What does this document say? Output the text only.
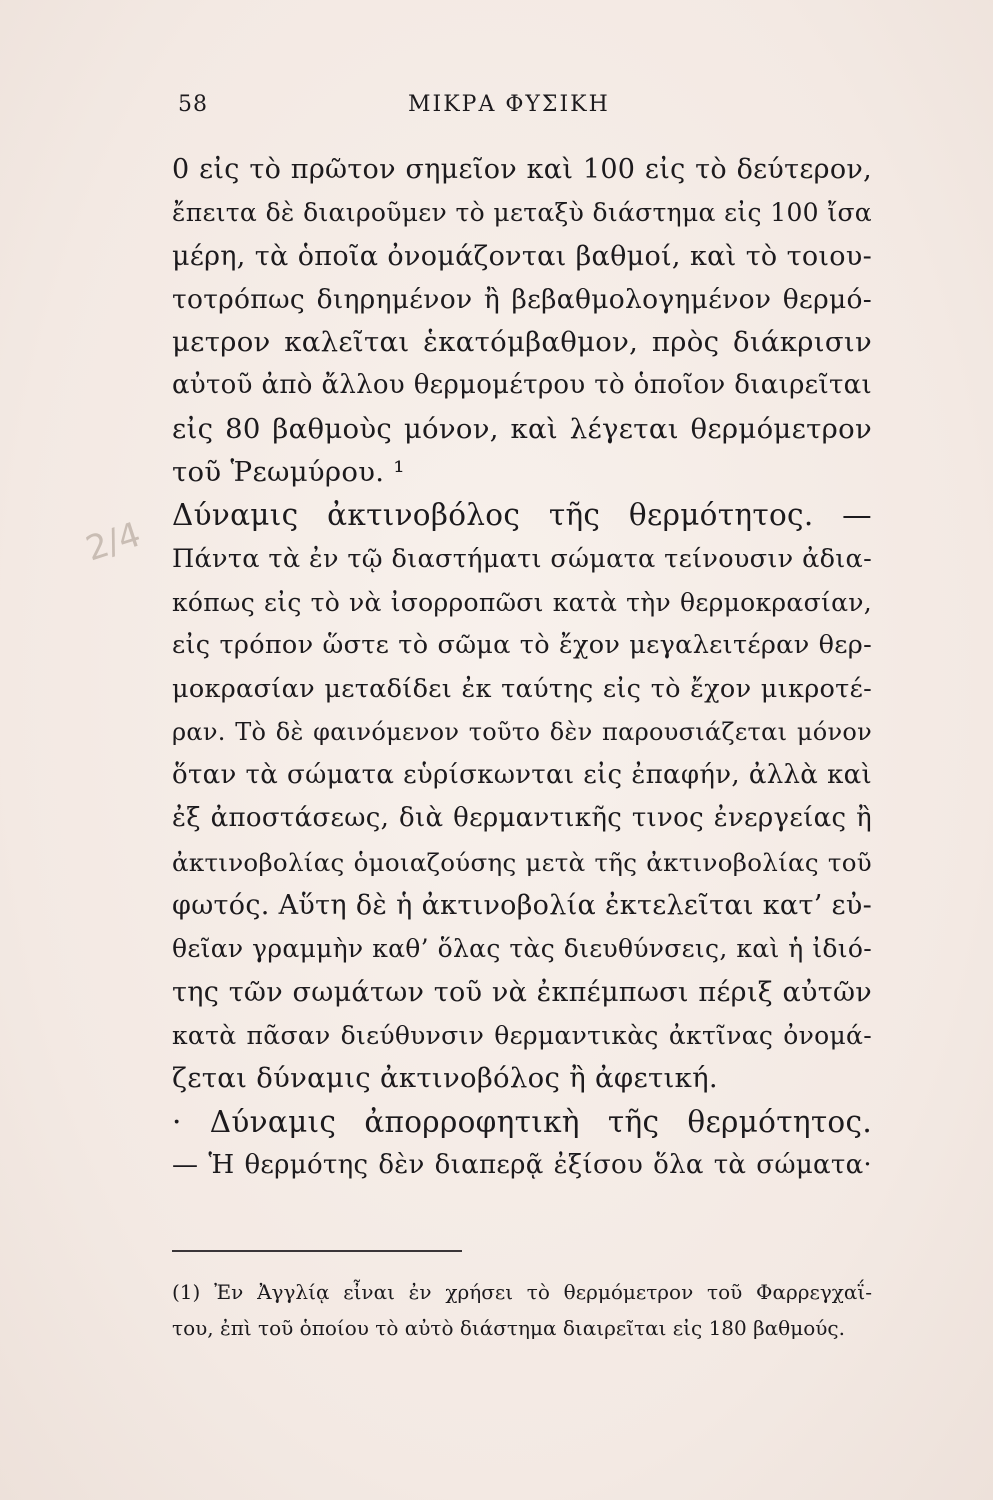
58	ΜΙΚΡΑ ΦΥΣΙΚΗ
2/4
0 εἰς τὸ πρῶτον σημεῖον καὶ 100 εἰς τὸ δεύτερον,
ἔπειτα δὲ διαιροῦμεν τὸ μεταξὺ διάστημα εἰς 100 ἴσα
μέρη, τὰ ὁποῖα ὀνομάζονται βαθμοί, καὶ τὸ τοιου-
τοτρόπως διηρημένον ἢ βεβαθμολογημένον θερμό-
μετρον καλεῖται ἑκατόμβαθμον, πρὸς διάκρισιν
αὐτοῦ ἀπὸ ἄλλου θερμομέτρου τὸ ὁποῖον διαιρεῖται
εἰς 80 βαθμοὺς μόνον, καὶ λέγεται θερμόμετρον
τοῦ Ῥεωμύρου. ¹
Δύναμις ἀκτινοβόλος τῆς θερμότητος. —
Πάντα τὰ ἐν τῷ διαστήματι σώματα τείνουσιν ἀδια-
κόπως εἰς τὸ νὰ ἰσορροπῶσι κατὰ τὴν θερμοκρασίαν,
εἰς τρόπον ὥστε τὸ σῶμα τὸ ἔχον μεγαλειτέραν θερ-
μοκρασίαν μεταδίδει ἐκ ταύτης εἰς τὸ ἔχον μικροτέ-
ραν. Τὸ δὲ φαινόμενον τοῦτο δὲν παρουσιάζεται μόνον
ὅταν τὰ σώματα εὑρίσκωνται εἰς ἐπαφήν, ἀλλὰ καὶ
ἐξ ἀποστάσεως, διὰ θερμαντικῆς τινος ἐνεργείας ἢ
ἀκτινοβολίας ὁμοιαζούσης μετὰ τῆς ἀκτινοβολίας τοῦ
φωτός. Αὕτη δὲ ἡ ἀκτινοβολία ἐκτελεῖται κατ’ εὐ-
θεῖαν γραμμὴν καθ’ ὅλας τὰς διευθύνσεις, καὶ ἡ ἰδιό-
της τῶν σωμάτων τοῦ νὰ ἐκπέμπωσι πέριξ αὐτῶν
κατὰ πᾶσαν διεύθυνσιν θερμαντικὰς ἀκτῖνας ὀνομά-
ζεται δύναμις ἀκτινοβόλος ἢ ἀφετική.
· Δύναμις ἀπορροφητικὴ τῆς θερμότητος.
— Ἡ θερμότης δὲν διαπερᾷ ἐξίσου ὅλα τὰ σώματα·
(1) Ἐν Ἀγγλίᾳ εἶναι ἐν χρήσει τὸ θερμόμετρον τοῦ Φαρρεγχαΐ-
του, ἐπὶ τοῦ ὁποίου τὸ αὐτὸ διάστημα διαιρεῖται εἰς 180 βαθμούς.
